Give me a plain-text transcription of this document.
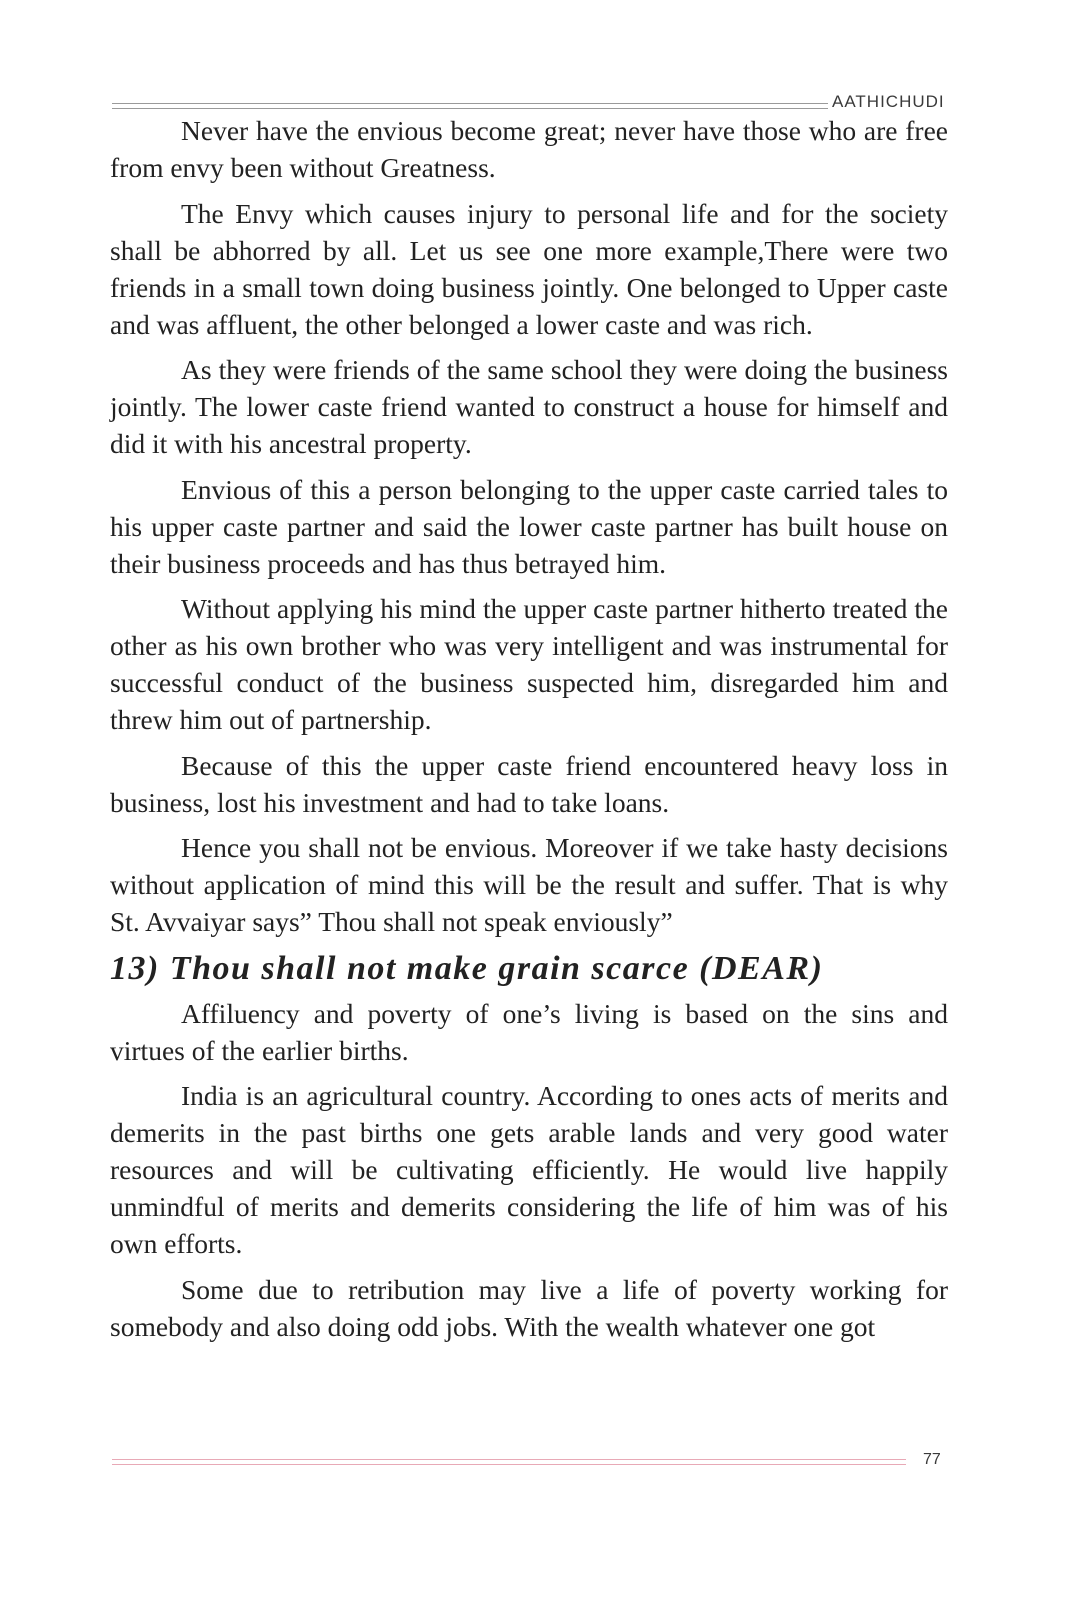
AATHICHUDI

Never have the envious become great; never have those who are free from envy been without Greatness.

The Envy which causes injury to personal life and for the society shall be abhorred by all. Let us see one more example,There were two friends in a small town doing business jointly. One belonged to Upper caste and was affluent, the other belonged a lower caste and was rich.

As they were friends of the same school they were doing the business jointly. The lower caste friend wanted to construct a house for himself and did it with his ancestral property.

Envious of this a person belonging to the upper caste carried tales to his upper caste partner and said the lower caste partner has built house on their business proceeds and has thus betrayed him.

Without applying his mind the upper caste partner hitherto treated the other as his own brother who was very intelligent and was instrumental for successful conduct of the business suspected him, disregarded him and threw him out of partnership.

Because of this the upper caste friend encountered heavy loss in business, lost his investment and had to take loans.

Hence you shall not be envious. Moreover if we take hasty decisions without application of mind this will be the result and suffer. That is why St. Avvaiyar says” Thou shall not speak enviously”

13) Thou shall not make grain scarce (DEAR)

Affiluency and poverty of one’s living is based on the sins and virtues of the earlier births.

India is an agricultural country. According to ones acts of merits and demerits in the past births one gets arable lands and very good water resources and will be cultivating efficiently. He would live happily unmindful of merits and demerits considering the life of him was of his own efforts.

Some due to retribution may live a life of poverty working for somebody and also doing odd jobs. With the wealth whatever one got

77
